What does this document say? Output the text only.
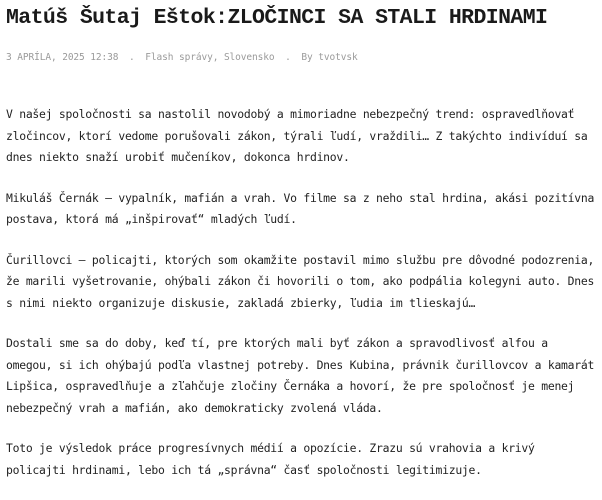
Matúš Šutaj Eštok:ZLOČINCI SA STALI HRDINAMI
3 APRÍLA, 2025 12:38 . Flash správy, Slovensko . By tvotvsk

V našej spoločnosti sa nastolil novodobý a mimoriadne nebezpečný trend: ospravedlňovať zločincov, ktorí vedome porušovali zákon, týrali ľudí, vraždili… Z takýchto indivíduí sa dnes niekto snaží urobiť mučeníkov, dokonca hrdinov.

Mikuláš Černák – vypalník, mafián a vrah. Vo filme sa z neho stal hrdina, akási pozitívna postava, ktorá má „inšpirovať“ mladých ľudí.

Čurillovci – policajti, ktorých som okamžite postavil mimo službu pre dôvodné podozrenia, že marili vyšetrovanie, ohýbali zákon či hovorili o tom, ako podpália kolegyni auto. Dnes s nimi niekto organizuje diskusie, zakladá zbierky, ľudia im tlieskajú…

Dostali sme sa do doby, keď tí, pre ktorých mali byť zákon a spravodlivosť alfou a omegou, si ich ohýbajú podľa vlastnej potreby. Dnes Kubina, právnik čurillovcov a kamarát Lipšica, ospravedlňuje a zľahčuje zločiny Černáka a hovorí, že pre spoločnosť je menej nebezpečný vrah a mafián, ako demokraticky zvolená vláda.

Toto je výsledok práce progresívnych médií a opozície. Zrazu sú vrahovia a krivý policajti hrdinami, lebo ich tá „správna“ časť spoločnosti legitimizuje.
